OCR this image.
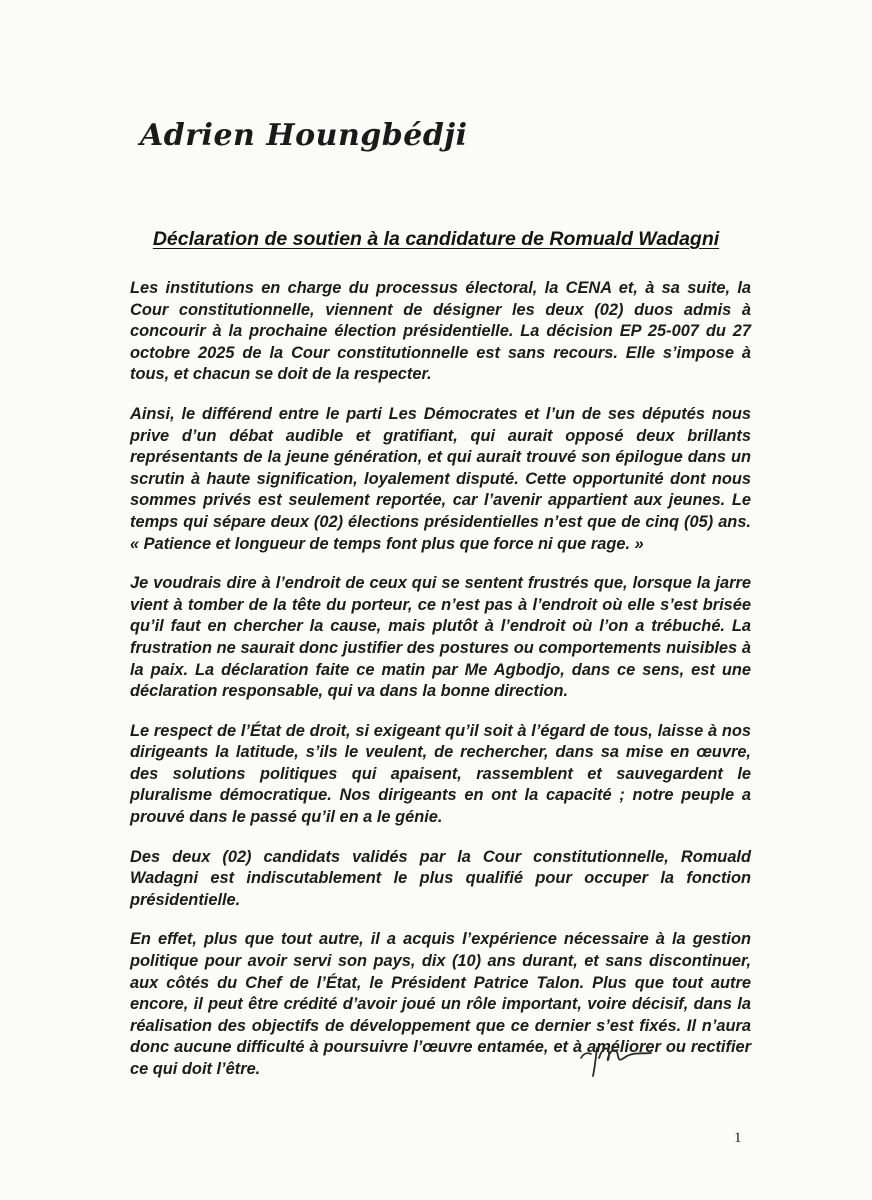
Adrien Houngbédji
Déclaration de soutien à la candidature de Romuald Wadagni

Les institutions en charge du processus électoral, la CENA et, à sa suite, la Cour constitutionnelle, viennent de désigner les deux (02) duos admis à concourir à la prochaine élection présidentielle. La décision EP 25-007 du 27 octobre 2025 de la Cour constitutionnelle est sans recours. Elle s’impose à tous, et chacun se doit de la respecter.

Ainsi, le différend entre le parti Les Démocrates et l’un de ses députés nous prive d’un débat audible et gratifiant, qui aurait opposé deux brillants représentants de la jeune génération, et qui aurait trouvé son épilogue dans un scrutin à haute signification, loyalement disputé. Cette opportunité dont nous sommes privés est seulement reportée, car l’avenir appartient aux jeunes. Le temps qui sépare deux (02) élections présidentielles n’est que de cinq (05) ans. « Patience et longueur de temps font plus que force ni que rage. »

Je voudrais dire à l’endroit de ceux qui se sentent frustrés que, lorsque la jarre vient à tomber de la tête du porteur, ce n’est pas à l’endroit où elle s’est brisée qu’il faut en chercher la cause, mais plutôt à l’endroit où l’on a trébuché. La frustration ne saurait donc justifier des postures ou comportements nuisibles à la paix. La déclaration faite ce matin par Me Agbodjo, dans ce sens, est une déclaration responsable, qui va dans la bonne direction.

Le respect de l’État de droit, si exigeant qu’il soit à l’égard de tous, laisse à nos dirigeants la latitude, s’ils le veulent, de rechercher, dans sa mise en œuvre, des solutions politiques qui apaisent, rassemblent et sauvegardent le pluralisme démocratique. Nos dirigeants en ont la capacité ; notre peuple a prouvé dans le passé qu’il en a le génie.

Des deux (02) candidats validés par la Cour constitutionnelle, Romuald Wadagni est indiscutablement le plus qualifié pour occuper la fonction présidentielle.

En effet, plus que tout autre, il a acquis l’expérience nécessaire à la gestion politique pour avoir servi son pays, dix (10) ans durant, et sans discontinuer, aux côtés du Chef de l’État, le Président Patrice Talon. Plus que tout autre encore, il peut être crédité d’avoir joué un rôle important, voire décisif, dans la réalisation des objectifs de développement que ce dernier s’est fixés. Il n’aura donc aucune difficulté à poursuivre l’œuvre entamée, et à améliorer ou rectifier ce qui doit l’être.

1
